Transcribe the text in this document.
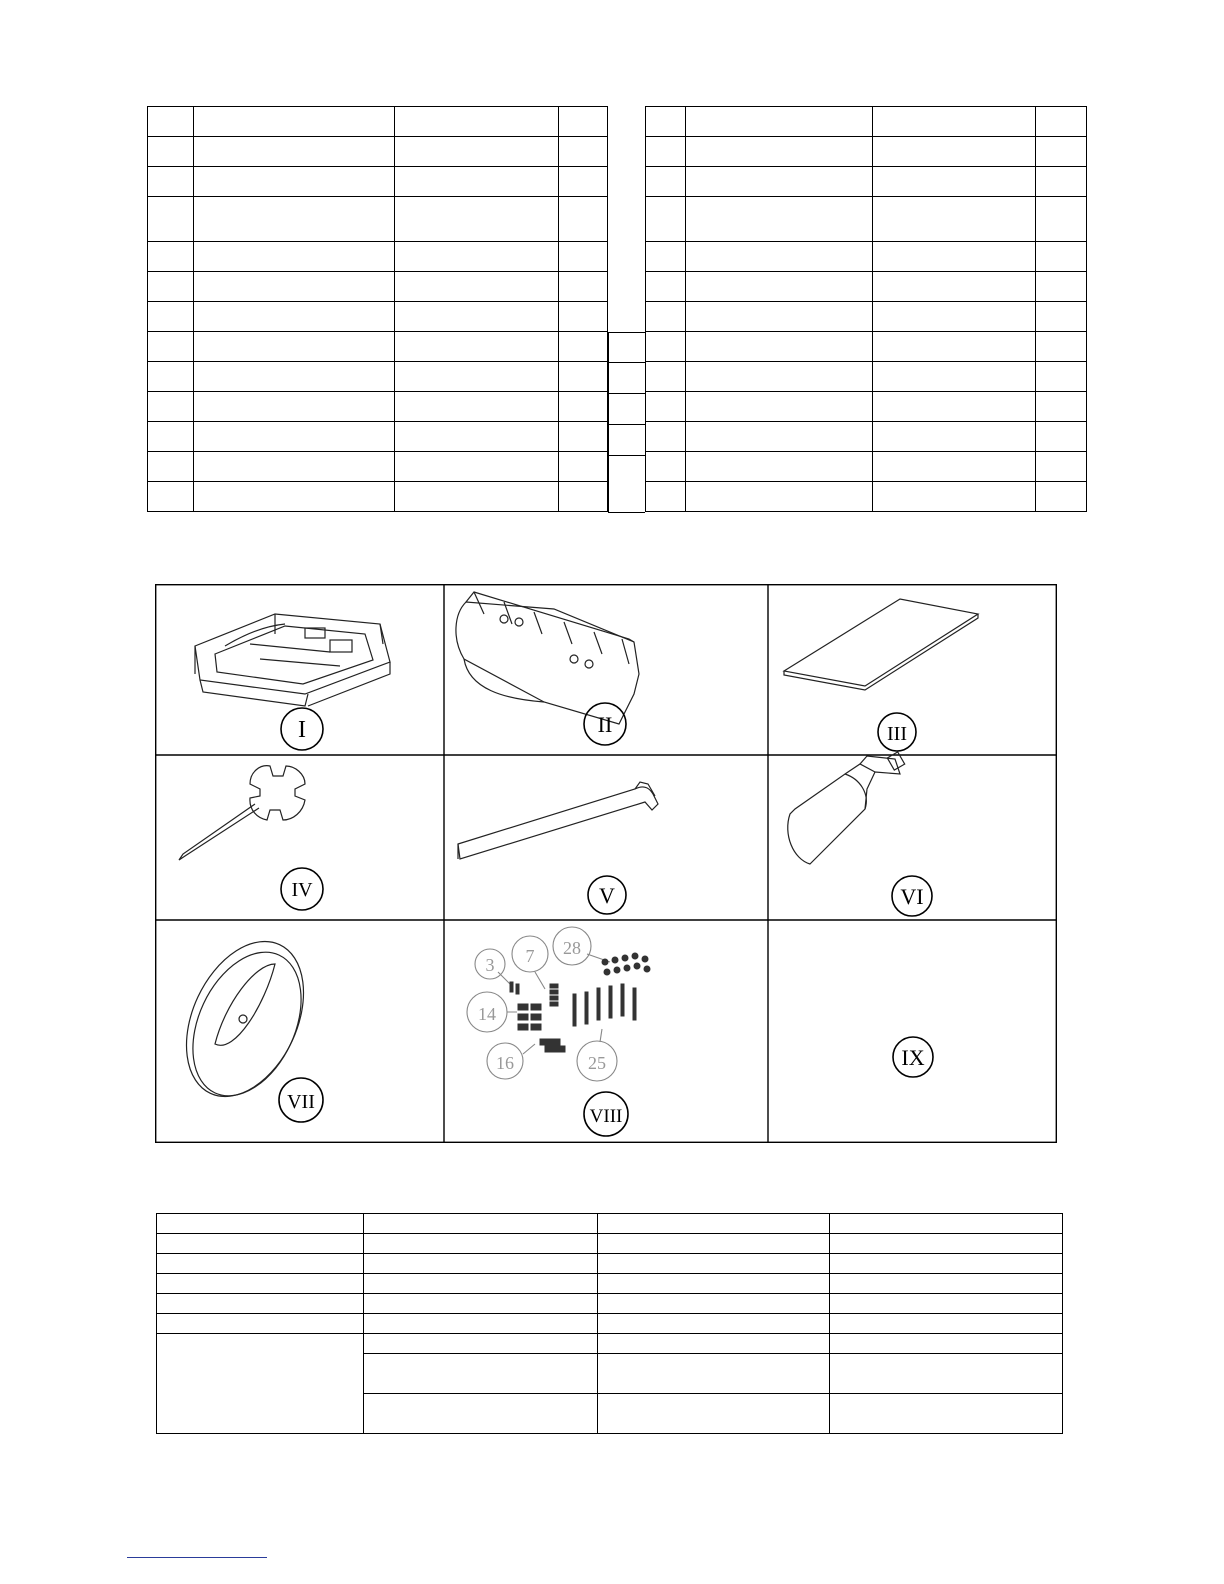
I	II	III
IV	V	VI
VII
3 7 28
14
16	25
VIII
IX
